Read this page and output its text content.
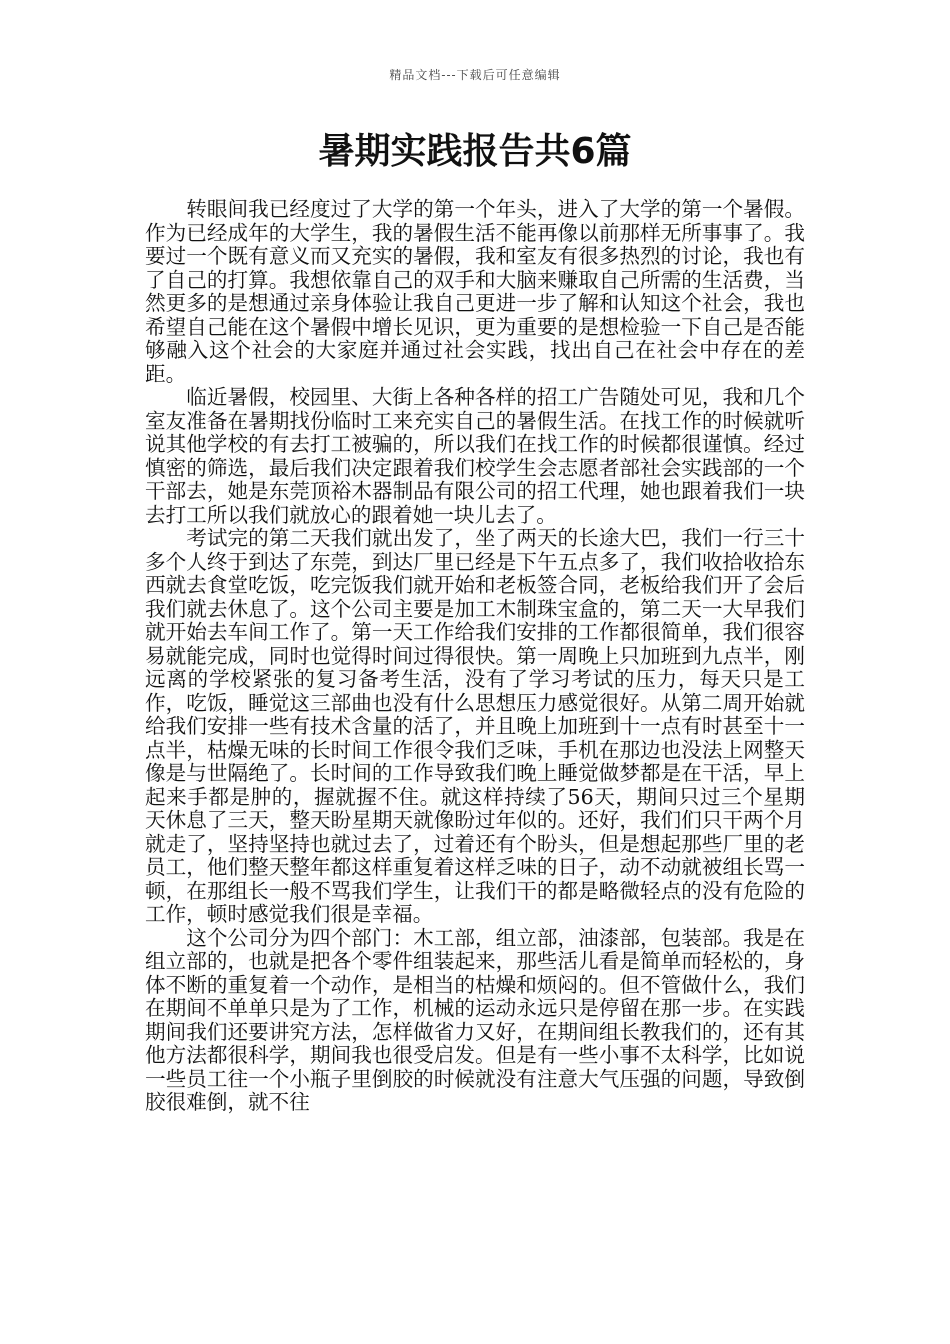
精品文档---下载后可任意编辑
暑期实践报告共6篇

转眼间我已经度过了大学的第一个年头，进入了大学的第一个暑假。作为已经成年的大学生，我的暑假生活不能再像以前那样无所事事了。我要过一个既有意义而又充实的暑假，我和室友有很多热烈的讨论，我也有了自己的打算。我想依靠自己的双手和大脑来赚取自己所需的生活费，当然更多的是想通过亲身体验让我自己更进一步了解和认知这个社会，我也希望自己能在这个暑假中增长见识，更为重要的是想检验一下自己是否能够融入这个社会的大家庭并通过社会实践，找出自己在社会中存在的差距。

临近暑假，校园里、大街上各种各样的招工广告随处可见，我和几个室友准备在暑期找份临时工来充实自己的暑假生活。在找工作的时候就听说其他学校的有去打工被骗的，所以我们在找工作的时候都很谨慎。经过慎密的筛选，最后我们决定跟着我们校学生会志愿者部社会实践部的一个干部去，她是东莞顶裕木器制品有限公司的招工代理，她也跟着我们一块去打工所以我们就放心的跟着她一块儿去了。

考试完的第二天我们就出发了，坐了两天的长途大巴，我们一行三十多个人终于到达了东莞，到达厂里已经是下午五点多了，我们收拾收拾东西就去食堂吃饭，吃完饭我们就开始和老板签合同，老板给我们开了会后我们就去休息了。这个公司主要是加工木制珠宝盒的，第二天一大早我们就开始去车间工作了。第一天工作给我们安排的工作都很简单，我们很容易就能完成，同时也觉得时间过得很快。第一周晚上只加班到九点半，刚远离的学校紧张的复习备考生活，没有了学习考试的压力，每天只是工作，吃饭，睡觉这三部曲也没有什么思想压力感觉很好。从第二周开始就给我们安排一些有技术含量的活了，并且晚上加班到十一点有时甚至十一点半，枯燥无味的长时间工作很令我们乏味，手机在那边也没法上网整天像是与世隔绝了。长时间的工作导致我们晚上睡觉做梦都是在干活，早上起来手都是肿的，握就握不住。就这样持续了56天，期间只过三个星期天休息了三天，整天盼星期天就像盼过年似的。还好，我们们只干两个月就走了，坚持坚持也就过去了，过着还有个盼头，但是想起那些厂里的老员工，他们整天整年都这样重复着这样乏味的日子，动不动就被组长骂一顿，在那组长一般不骂我们学生，让我们干的都是略微轻点的没有危险的工作，顿时感觉我们很是幸福。

这个公司分为四个部门：木工部，组立部，油漆部，包装部。我是在组立部的，也就是把各个零件组装起来，那些活儿看是简单而轻松的，身体不断的重复着一个动作，是相当的枯燥和烦闷的。但不管做什么，我们在期间不单单只是为了工作，机械的运动永远只是停留在那一步。在实践期间我们还要讲究方法，怎样做省力又好，在期间组长教我们的，还有其他方法都很科学，期间我也很受启发。但是有一些小事不太科学，比如说一些员工往一个小瓶子里倒胶的时候就没有注意大气压强的问题，导致倒胶很难倒，就不往
